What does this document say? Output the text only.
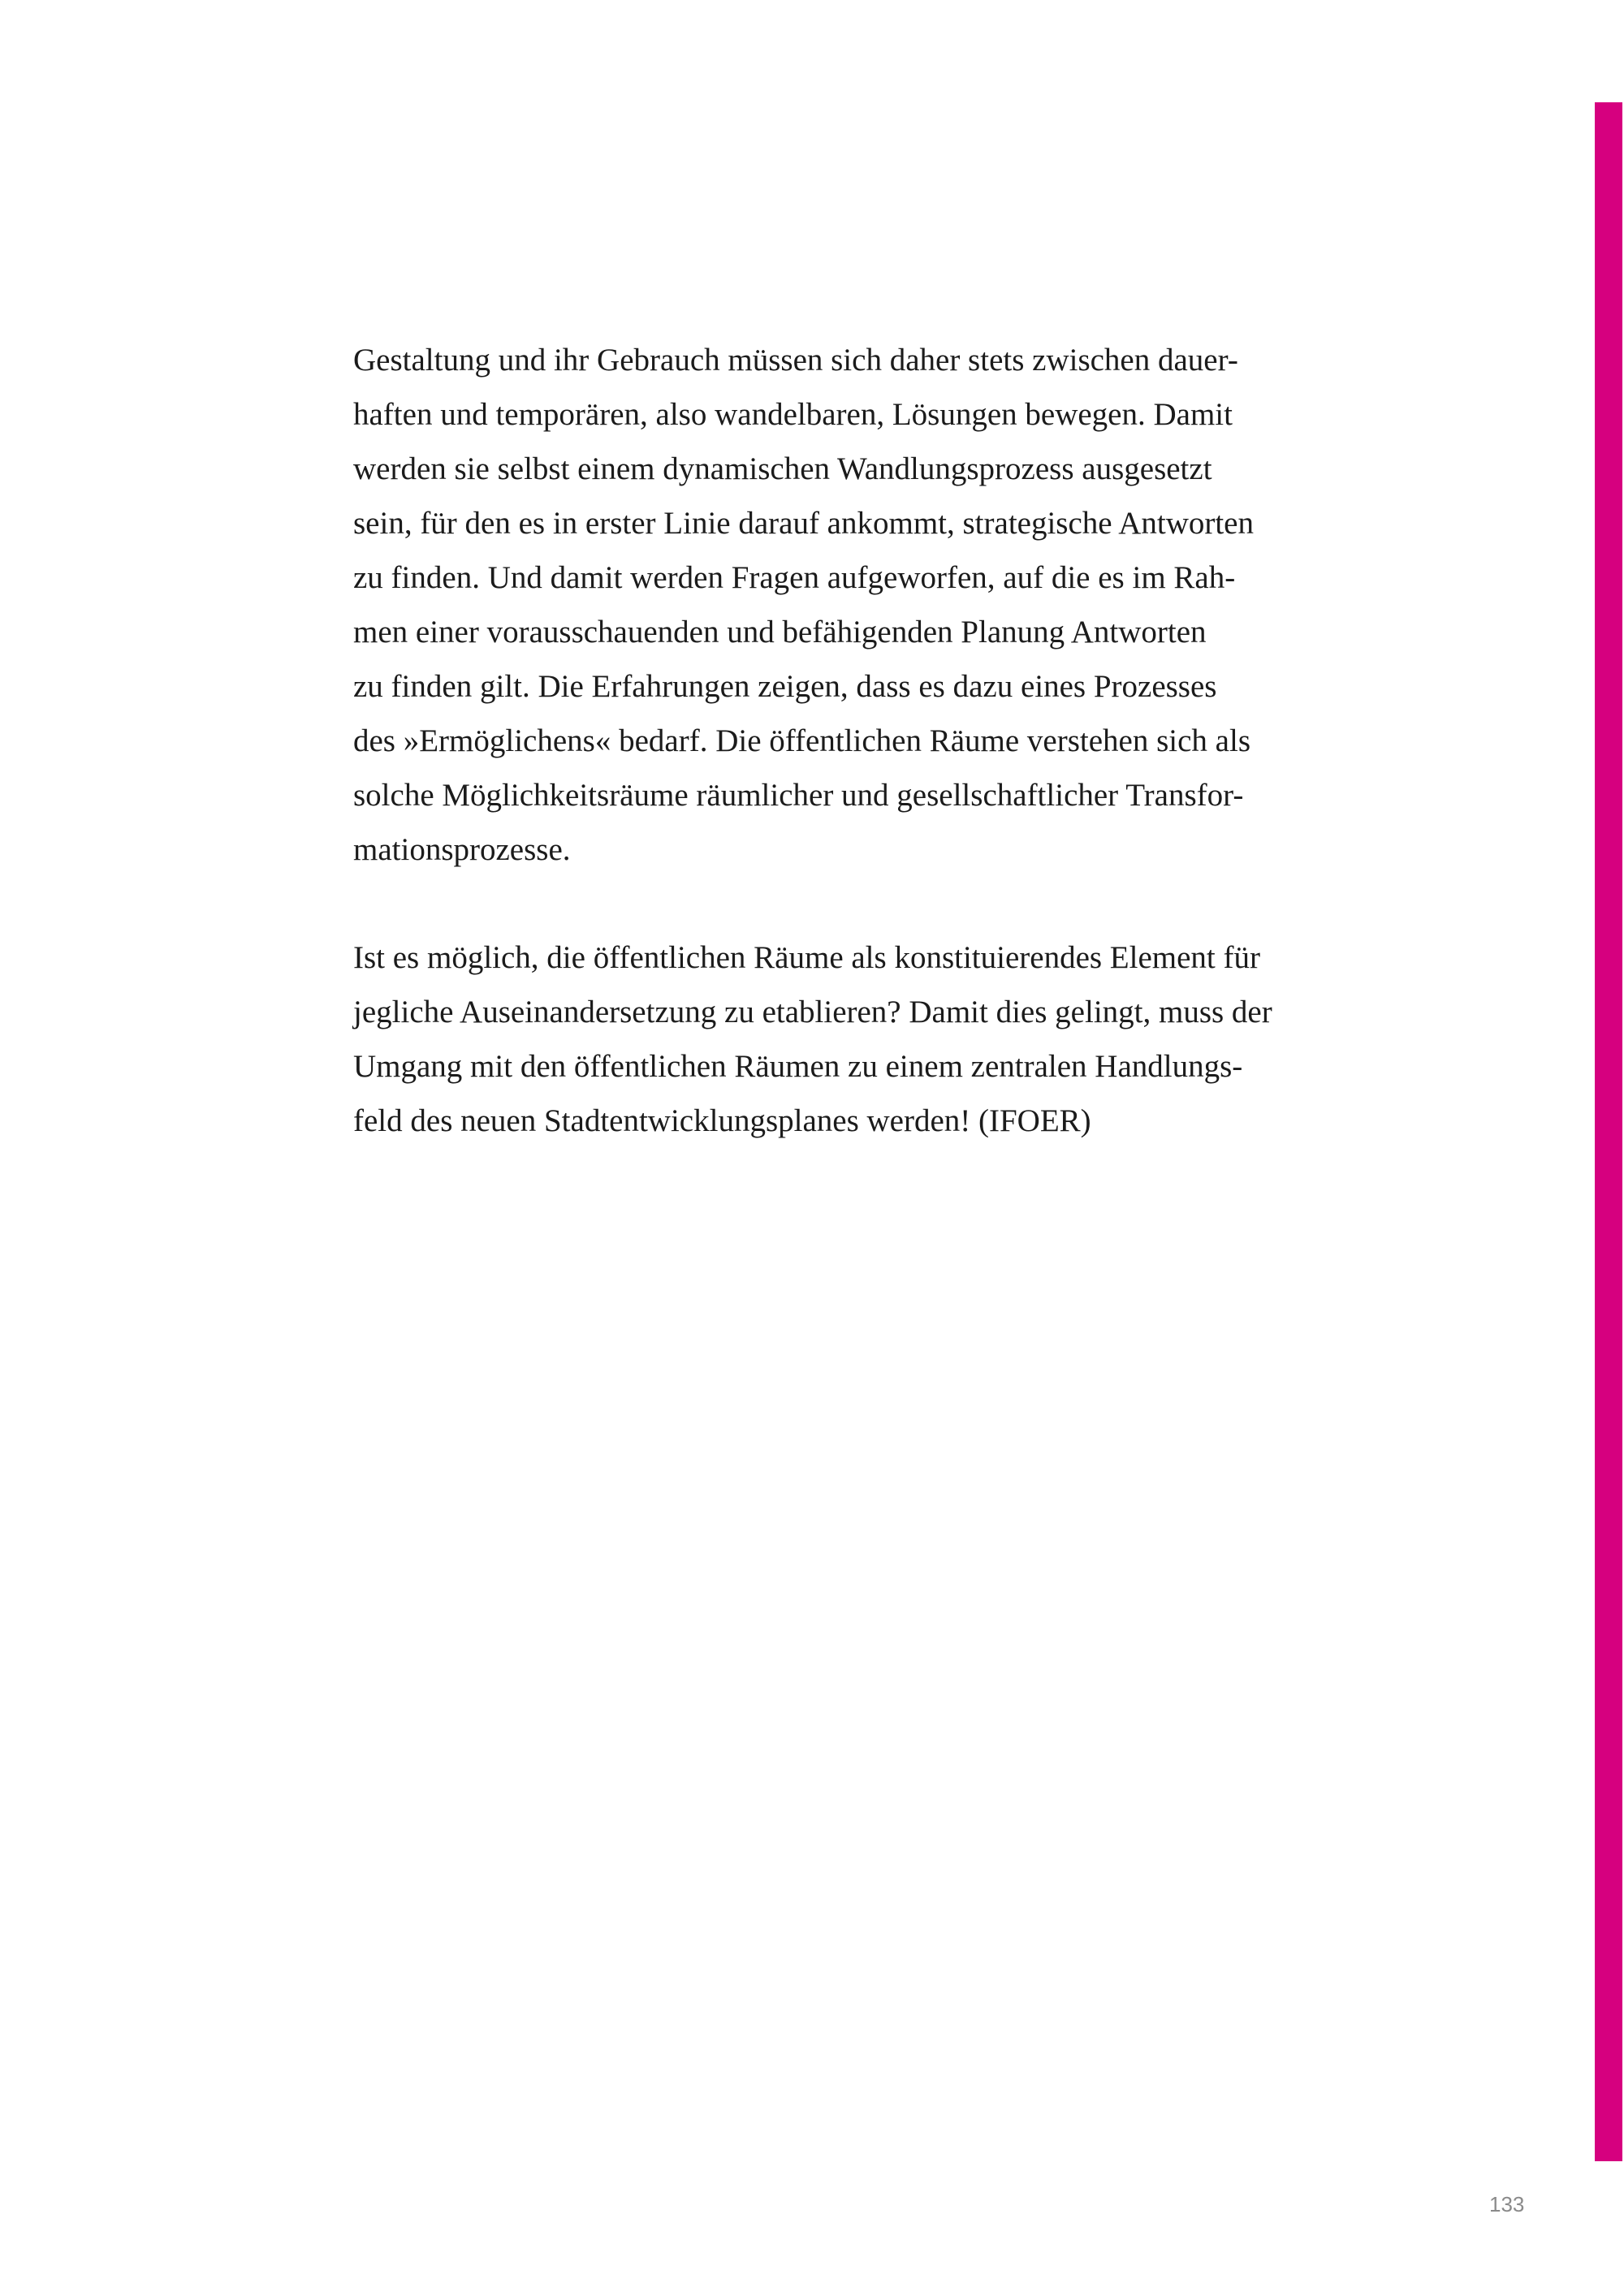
Gestaltung und ihr Gebrauch müssen sich daher stets zwischen dauer-
haften und temporären, also wandelbaren, Lösungen bewegen. Damit
werden sie selbst einem dynamischen Wandlungsprozess ausgesetzt
sein, für den es in erster Linie darauf ankommt, strategische Antworten
zu finden. Und damit werden Fragen aufgeworfen, auf die es im Rah-
men einer vorausschauenden und befähigenden Planung Antworten
zu finden gilt. Die Erfahrungen zeigen, dass es dazu eines Prozesses
des »Ermöglichens« bedarf. Die öffentlichen Räume verstehen sich als
solche Möglichkeitsräume räumlicher und gesellschaftlicher Transfor-
mationsprozesse.

Ist es möglich, die öffentlichen Räume als konstituierendes Element für
jegliche Auseinandersetzung zu etablieren? Damit dies gelingt, muss der
Umgang mit den öffentlichen Räumen zu einem zentralen Handlungs-
feld des neuen Stadtentwicklungsplanes werden! (IFOER)

133
